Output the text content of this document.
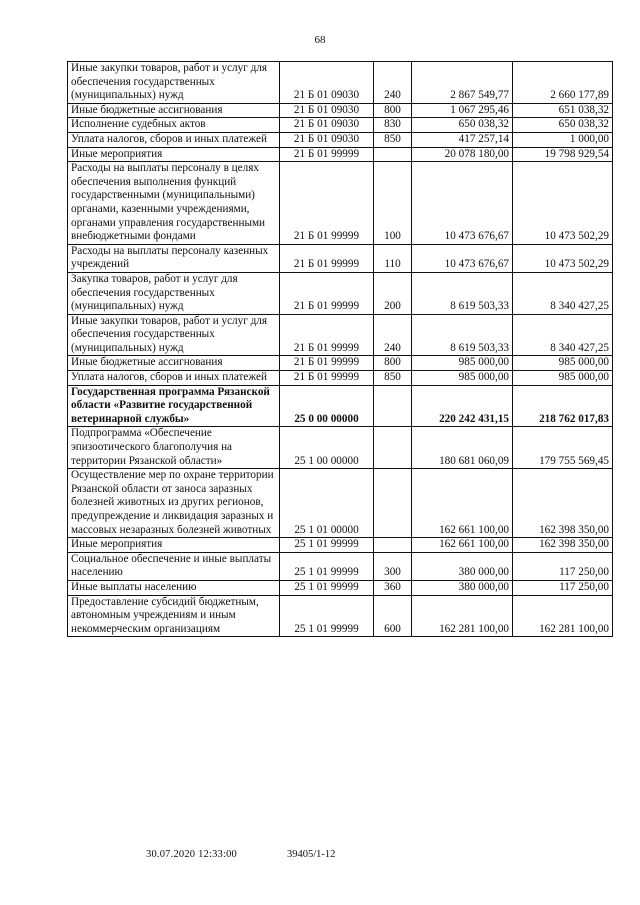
68
Иные закупки товаров, работ и услуг для обеспечения государственных (муниципальных) нужд	21 Б 01 09030	240	2 867 549,77	2 660 177,89
Иные бюджетные ассигнования	21 Б 01 09030	800	1 067 295,46	651 038,32
Исполнение судебных актов	21 Б 01 09030	830	650 038,32	650 038,32
Уплата налогов, сборов и иных платежей	21 Б 01 09030	850	417 257,14	1 000,00
Иные мероприятия	21 Б 01 99999		20 078 180,00	19 798 929,54
Расходы на выплаты персоналу в целях обеспечения выполнения функций государственными (муниципальными) органами, казенными учреждениями, органами управления государственными внебюджетными фондами	21 Б 01 99999	100	10 473 676,67	10 473 502,29
Расходы на выплаты персоналу казенных учреждений	21 Б 01 99999	110	10 473 676,67	10 473 502,29
Закупка товаров, работ и услуг для обеспечения государственных (муниципальных) нужд	21 Б 01 99999	200	8 619 503,33	8 340 427,25
Иные закупки товаров, работ и услуг для обеспечения государственных (муниципальных) нужд	21 Б 01 99999	240	8 619 503,33	8 340 427,25
Иные бюджетные ассигнования	21 Б 01 99999	800	985 000,00	985 000,00
Уплата налогов, сборов и иных платежей	21 Б 01 99999	850	985 000,00	985 000,00
Государственная программа Рязанской области «Развитие государственной ветеринарной службы»	25 0 00 00000		220 242 431,15	218 762 017,83
Подпрограмма «Обеспечение эпизоотического благополучия на территории Рязанской области»	25 1 00 00000		180 681 060,09	179 755 569,45
Осуществление мер по охране территории Рязанской области от заноса заразных болезней животных из других регионов, предупреждение и ликвидация заразных и массовых незаразных болезней животных	25 1 01 00000		162 661 100,00	162 398 350,00
Иные мероприятия	25 1 01 99999		162 661 100,00	162 398 350,00
Социальное обеспечение и иные выплаты населению	25 1 01 99999	300	380 000,00	117 250,00
Иные выплаты населению	25 1 01 99999	360	380 000,00	117 250,00
Предоставление субсидий бюджетным, автономным учреждениям и иным некоммерческим организациям	25 1 01 99999	600	162 281 100,00	162 281 100,00
30.07.2020 12:33:00	39405/1-12
